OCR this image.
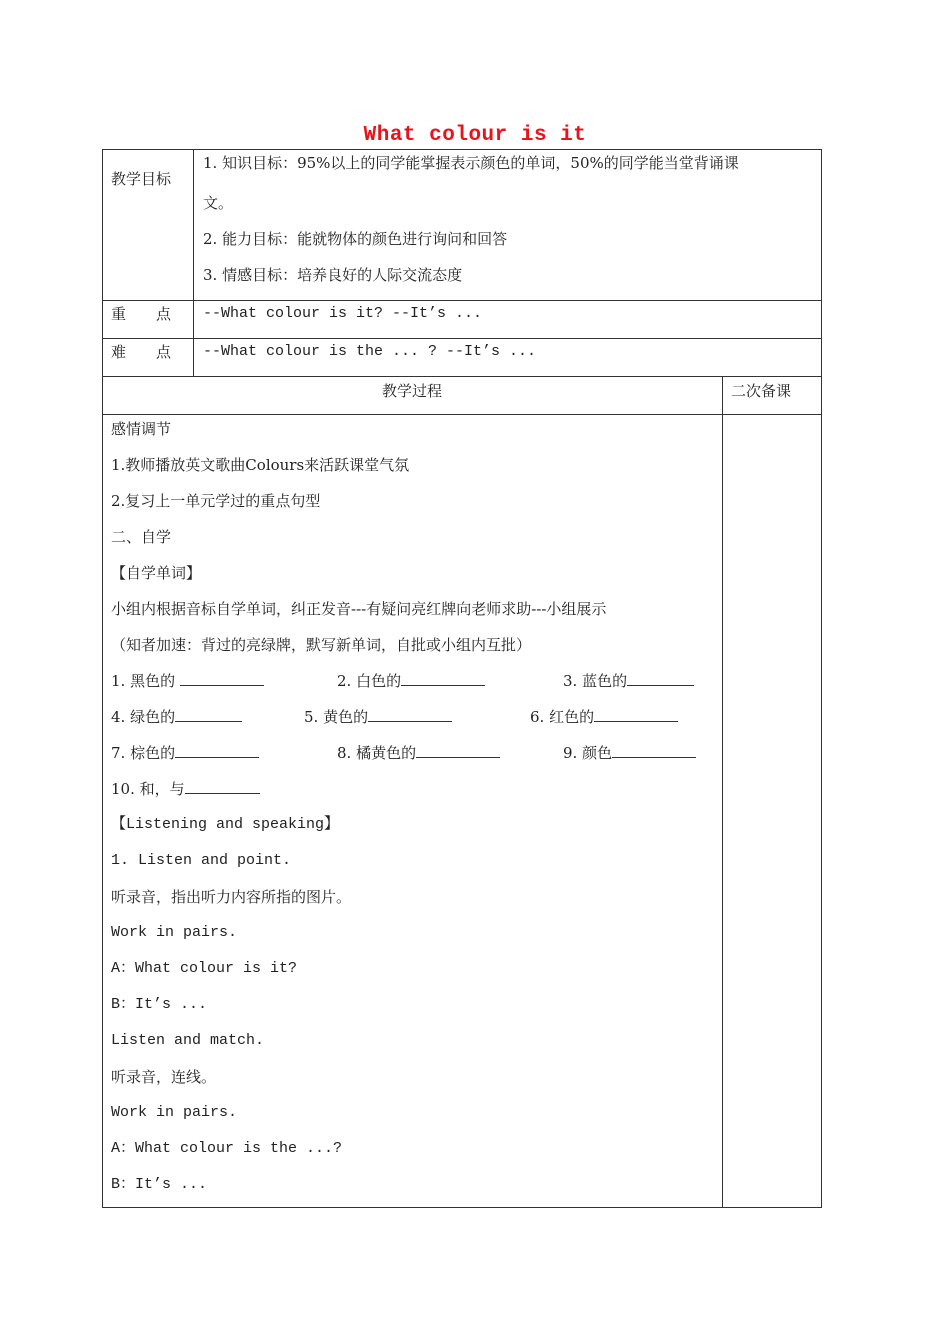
What colour is it
教学目标
1. 知识目标：95%以上的同学能掌握表示颜色的单词，50%的同学能当堂背诵课
文。
2. 能力目标：能就物体的颜色进行询问和回答
3. 情感目标：培养良好的人际交流态度
重　　点 --What colour is it? --It’s ...
难　　点 --What colour is the ... ? --It’s ...
教学过程	二次备课
感情调节
1.教师播放英文歌曲Colours来活跃课堂气氛
2.复习上一单元学过的重点句型
二、自学
【自学单词】
小组内根据音标自学单词，纠正发音---有疑问亮红牌向老师求助---小组展示
（知者加速：背过的亮绿牌，默写新单词，自批或小组内互批）
1. 黑色的	2. 白色的	3. 蓝色的
4. 绿色的	5. 黄色的	6. 红色的
7. 棕色的	8. 橘黄色的	9. 颜色
10. 和，与
【Listening and speaking】
1. Listen and point.
听录音，指出听力内容所指的图片。
Work in pairs.
A：What colour is it?
B：It’s ...
Listen and match.
听录音，连线。
Work in pairs.
A：What colour is the ...?
B：It’s ...
